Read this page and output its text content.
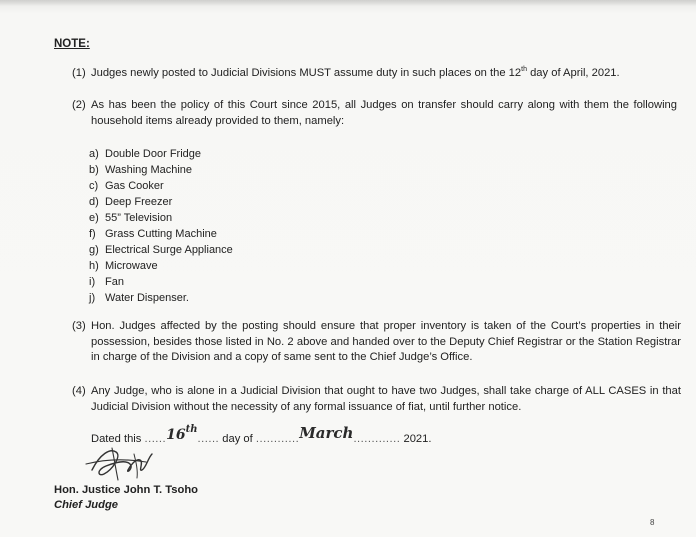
NOTE:
(1) Judges newly posted to Judicial Divisions MUST assume duty in such places on the 12th day of April, 2021.
(2) As has been the policy of this Court since 2015, all Judges on transfer should carry along with them the following household items already provided to them, namely:
a) Double Door Fridge
b) Washing Machine
c) Gas Cooker
d) Deep Freezer
e) 55” Television
f) Grass Cutting Machine
g) Electrical Surge Appliance
h) Microwave
i) Fan
j) Water Dispenser.
(3) Hon. Judges affected by the posting should ensure that proper inventory is taken of the Court’s properties in their possession, besides those listed in No. 2 above and handed over to the Deputy Chief Registrar or the Station Registrar in charge of the Division and a copy of same sent to the Chief Judge’s Office.
(4) Any Judge, who is alone in a Judicial Division that ought to have two Judges, shall take charge of ALL CASES in that Judicial Division without the necessity of any formal issuance of fiat, until further notice.
Dated this ......16th...... day of ............March............. 2021.
Hon. Justice John T. Tsoho
Chief Judge
8
